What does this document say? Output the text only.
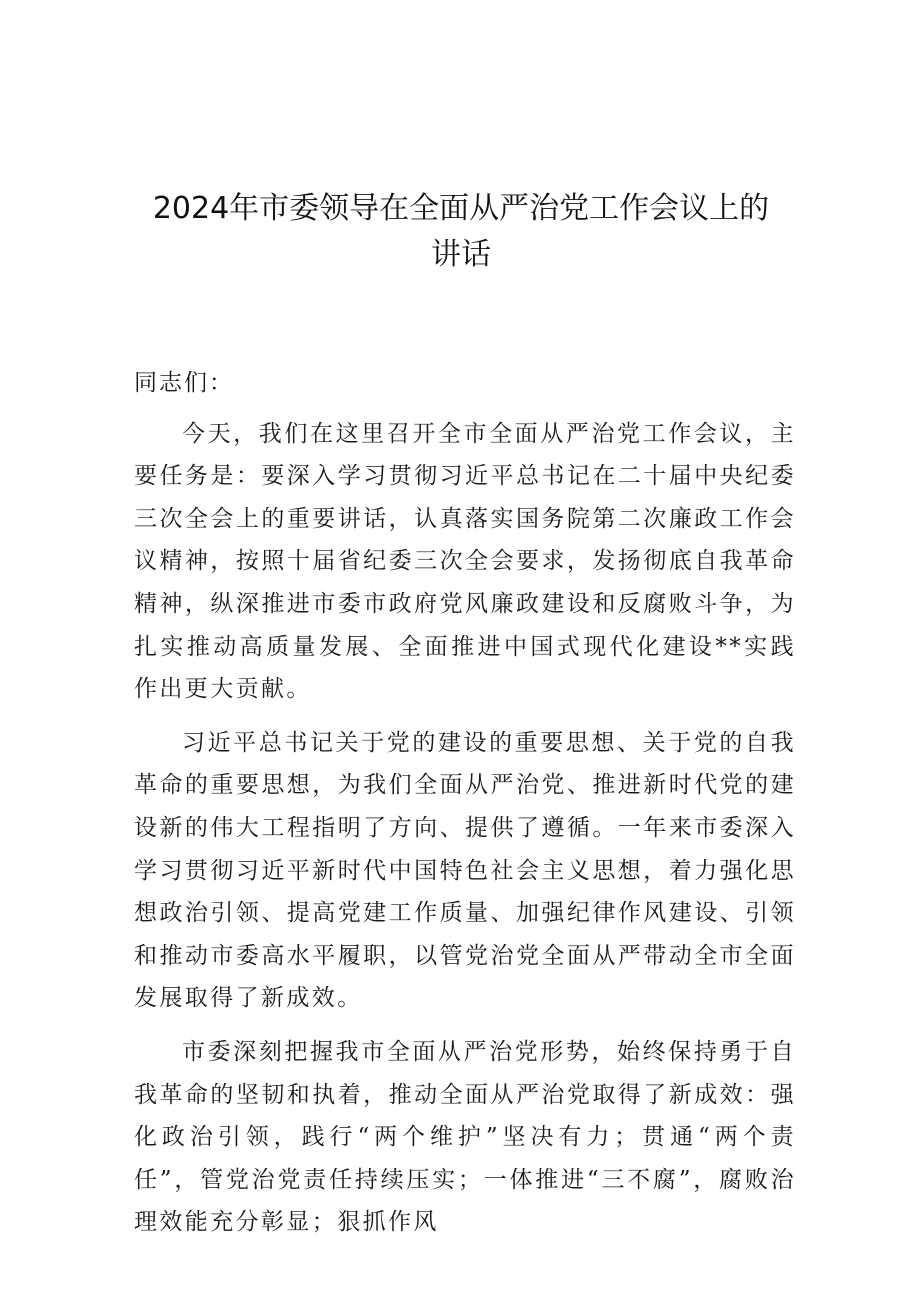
2024年市委领导在全面从严治党工作会议上的
讲话

同志们：

今天，我们在这里召开全市全面从严治党工作会议，主要任务是：要深入学习贯彻习近平总书记在二十届中央纪委三次全会上的重要讲话，认真落实国务院第二次廉政工作会议精神，按照十届省纪委三次全会要求，发扬彻底自我革命精神，纵深推进市委市政府党风廉政建设和反腐败斗争，为扎实推动高质量发展、全面推进中国式现代化建设**实践作出更大贡献。

习近平总书记关于党的建设的重要思想、关于党的自我革命的重要思想，为我们全面从严治党、推进新时代党的建设新的伟大工程指明了方向、提供了遵循。一年来市委深入学习贯彻习近平新时代中国特色社会主义思想，着力强化思想政治引领、提高党建工作质量、加强纪律作风建设、引领和推动市委高水平履职，以管党治党全面从严带动全市全面发展取得了新成效。

市委深刻把握我市全面从严治党形势，始终保持勇于自我革命的坚韧和执着，推动全面从严治党取得了新成效：强化政治引领，践行“两个维护”坚决有力；贯通“两个责任”，管党治党责任持续压实；一体推进“三不腐”，腐败治理效能充分彰显；狠抓作风
